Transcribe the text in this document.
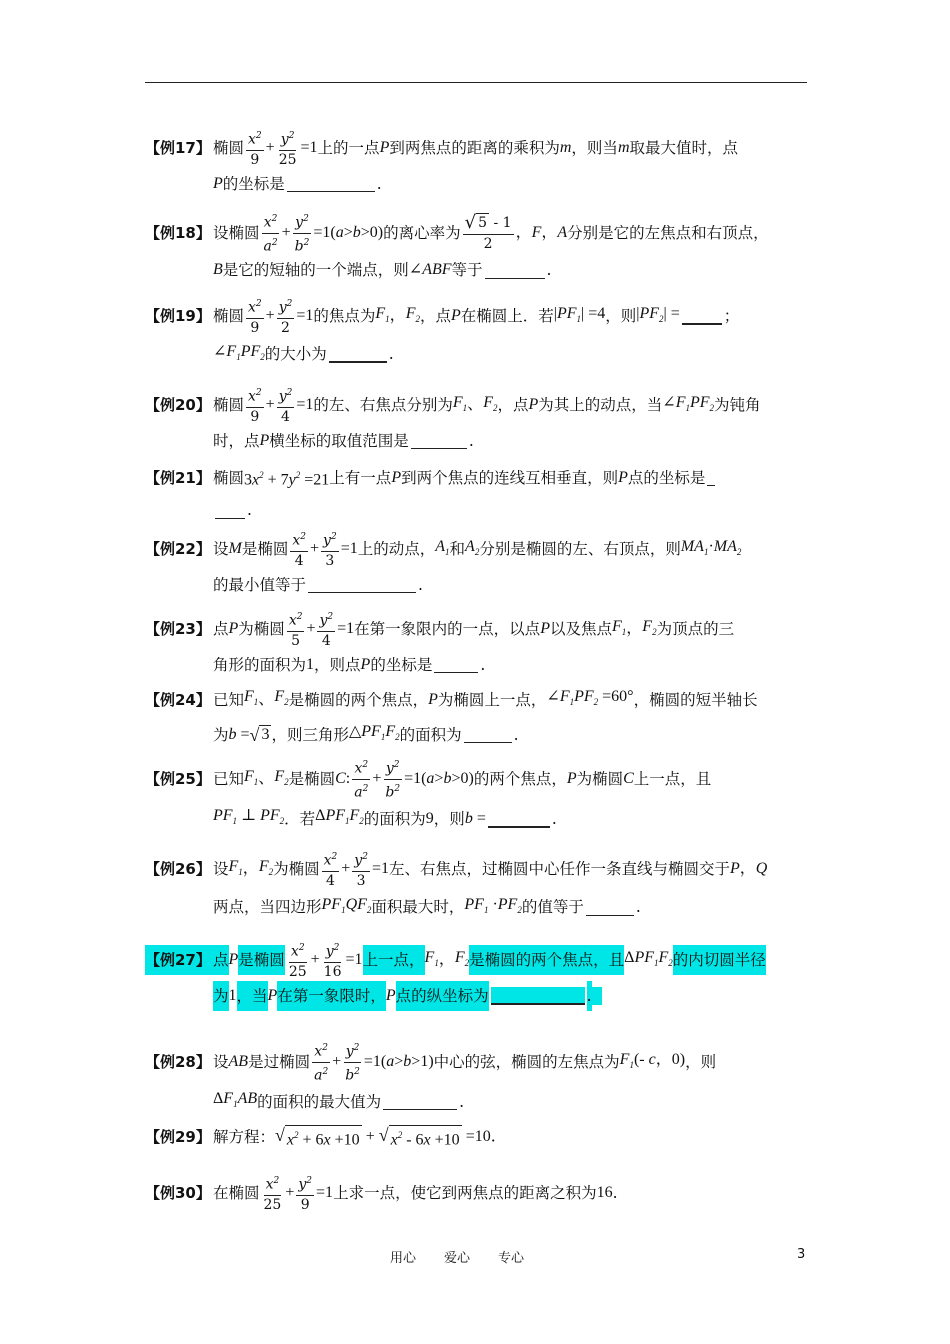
【例17】 椭圆 $\frac{x^2}{9} + \frac{y^2}{25} =1$ 上的一点 P 到两焦点的距离的乘积为 m ，则当 m 取最大值时，点
P 的坐标是	.
【例18】 设椭圆 $\frac{x^2}{a^2} + \frac{y^2}{b^2} =1$( a > b >0) 的离心率为 $\frac{√ 5 - 1}{2}$ ， F ， A 分别是它的左焦点和右顶点，
B 是它的短轴的一个端点，则 ∠ABF 等于	.
【例19】 椭圆 $\frac{x^2}{9} + \frac{y^2}{2} =1$ 的焦点为 $F_1$ ， $F_2$ ，点 P 在椭圆上．若 $|PF_1| =4$ ，则 $|PF_2|$ =	；
$\angle F_1PF_2$ 的大小为	.
【例20】 椭圆 $\frac{x^2}{9} + \frac{y^2}{4} =1$ 的左、右焦点分别为 $F_1$ 、 $F_2$ ，点 P 为其上的动点，当 $\angle F_1PF_2$ 为钝角
时，点 P 横坐标的取值范围是	.
【例21】 椭圆 $3x^2 + 7y^2 =21$ 上有一点 P 到两个焦点的连线互相垂直，则 P 点的坐标是
.
【例22】 设 M 是椭圆 $\frac{x^2}{4} + \frac{y^2}{3} =1$ 上的动点， $A_1$ 和 $A_2$ 分别是椭圆的左、右顶点，则 $MA_1\cdot MA_2$
的最小值等于	.
【例23】 点 P 为椭圆 $\frac{x^2}{5} + \frac{y^2}{4} =1$ 在第一象限内的一点，以点 P 以及焦点 $F_1$ ， $F_2$ 为顶点的三
角形的面积为 1 ，则点 P 的坐标是	.
【例24】 已知 $F_1$ 、 $F_2$ 是椭圆的两个焦点， P 为椭圆上一点， $\angle F_1PF_2 =60^\circ$ ，椭圆的短半轴长
为 b = √ 3 ，则三角形 $\triangle PF_1F_2$ 的面积为	.
【例25】 已知 $F_1$ 、 $F_2$ 是椭圆 C: $\frac{x^2}{a^2} + \frac{y^2}{b^2} =1$( a > b >0) 的两个焦点， P 为椭圆 C 上一点，且
$PF_1$ ⊥ $PF_2$ ．若 $\Delta PF_1F_2$ 的面积为 9 ，则 b =	.
【例26】 设 $F_1$ ， $F_2$ 为椭圆 $\frac{x^2}{4} + \frac{y^2}{3} =1$ 左、右焦点，过椭圆中心任作一条直线与椭圆交于 P ， Q
两点，当四边形 $PF_1QF_2$ 面积最大时， $PF_1 \cdot PF_2$ 的值等于	.
【例27】 点 P 是椭圆 $\frac{x^2}{25} + \frac{y^2}{16} =1$ 上一点， $F_1$ ， $F_2$ 是椭圆的两个焦点，且 $\Delta PF_1F_2$ 的内切圆半径
为 1 ，当 P 在第一象限时， P 点的纵坐标为	.
【例28】 设 AB 是过椭圆 $\frac{x^2}{a^2} + \frac{y^2}{b^2} =1$( a > b >1) 中心的弦，椭圆的左焦点为 $F_1(-$ c，0) ，则
$\Delta F_1AB$ 的面积的最大值为	.
【例29】 解方程： √ $x^2 + 6x +10$ + √ $x^2 - 6x +10 =10$．
【例30】 在椭圆 $\frac{x^2}{25} + \frac{y^2}{9} =1$ 上求一点，使它到两焦点的距离之积为 16 .
用心 爱心 专心	3
